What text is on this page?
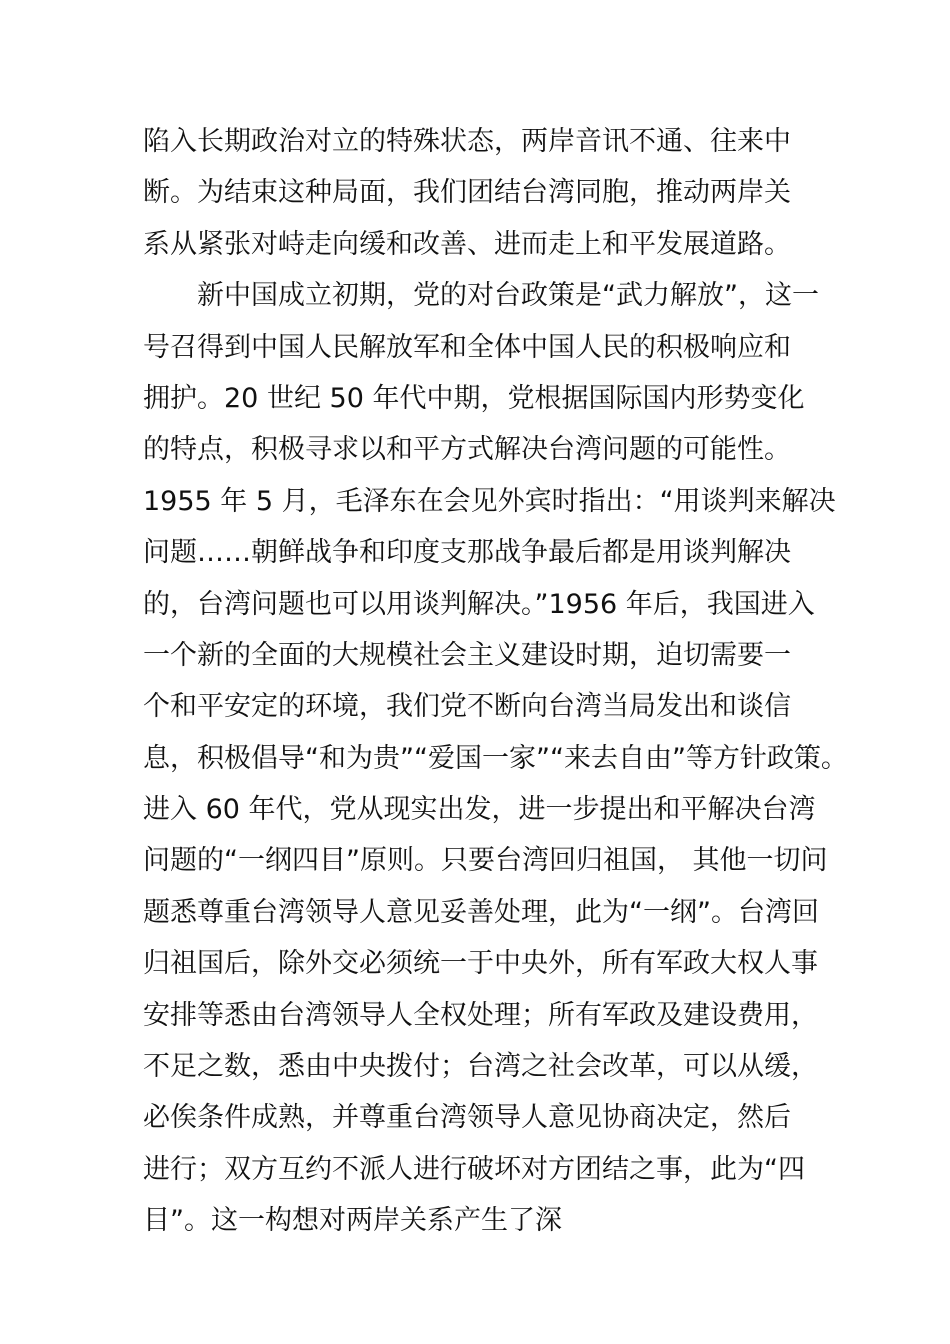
陷入长期政治对立的特殊状态，两岸音讯不通、往来中
断。为结束这种局面，我们团结台湾同胞，推动两岸关
系从紧张对峙走向缓和改善、进而走上和平发展道路。
新中国成立初期，党的对台政策是“武力解放”，这一
号召得到中国人民解放军和全体中国人民的积极响应和
拥护。20 世纪 50 年代中期，党根据国际国内形势变化
的特点，积极寻求以和平方式解决台湾问题的可能性。
1955 年 5 月，毛泽东在会见外宾时指出：“用谈判来解决
问题……朝鲜战争和印度支那战争最后都是用谈判解决
的，台湾问题也可以用谈判解决。”1956 年后，我国进入
一个新的全面的大规模社会主义建设时期，迫切需要一
个和平安定的环境，我们党不断向台湾当局发出和谈信
息，积极倡导“和为贵”“爱国一家”“来去自由”等方针政策。
进入 60 年代，党从现实出发，进一步提出和平解决台湾
问题的“一纲四目”原则。只要台湾回归祖国， 其他一切问
题悉尊重台湾领导人意见妥善处理，此为“一纲”。台湾回
归祖国后，除外交必须统一于中央外，所有军政大权人事
安排等悉由台湾领导人全权处理；所有军政及建设费用，
不足之数，悉由中央拨付；台湾之社会改革，可以从缓，
必俟条件成熟，并尊重台湾领导人意见协商决定，然后
进行；双方互约不派人进行破坏对方团结之事，此为“四
目”。这一构想对两岸关系产生了深
